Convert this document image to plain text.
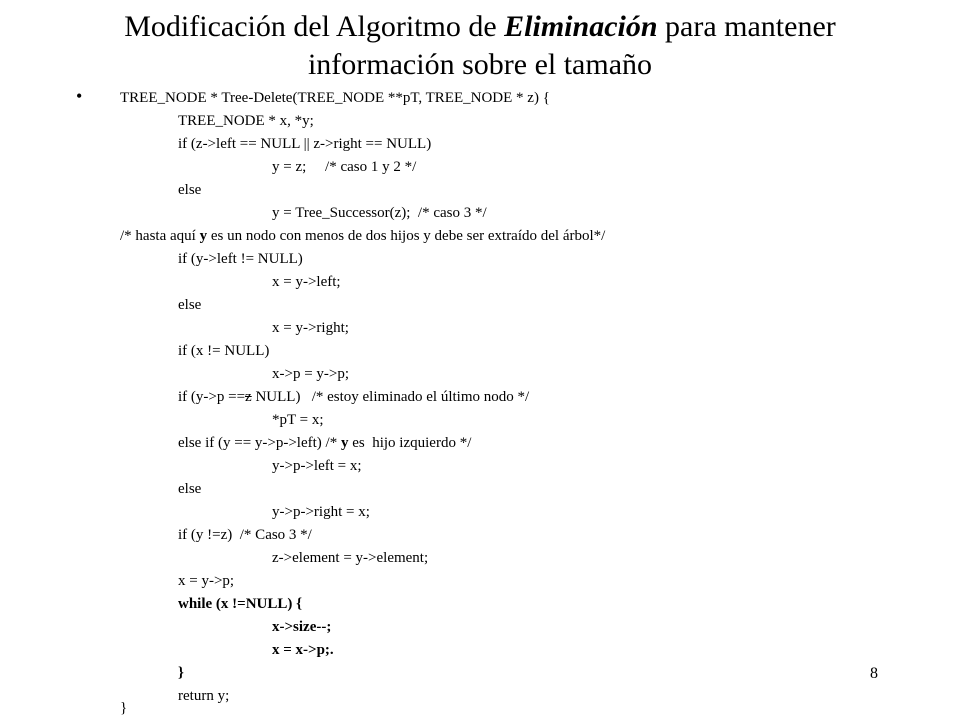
Modificación del Algoritmo de Eliminación para mantener
información sobre el tamaño
•	TREE_NODE * Tree-Delete(TREE_NODE **pT, TREE_NODE * z) {
TREE_NODE * x, *y;
if (z->left == NULL || z->right == NULL)
y = z;     /* caso 1 y 2 */
else
y = Tree_Successor(z);  /* caso 3 */
/* hasta aquí y es un nodo con menos de dos hijos y debe ser extraído del árbol*/
if (y->left != NULL)
x = y->left;
else
x = y->right;
if (x != NULL)
x->p = y->p;
if (y->p ==z NULL)   /* estoy eliminado el último nodo */
*pT = x;
else if (y == y->p->left) /* y es  hijo izquierdo */
y->p->left = x;
else
y->p->right = x;
if (y !=z)  /* Caso 3 */
z->element = y->element;
x = y->p;
while (x !=NULL) {
x->size--;
x = x->p;.
}
return y;
}
8
